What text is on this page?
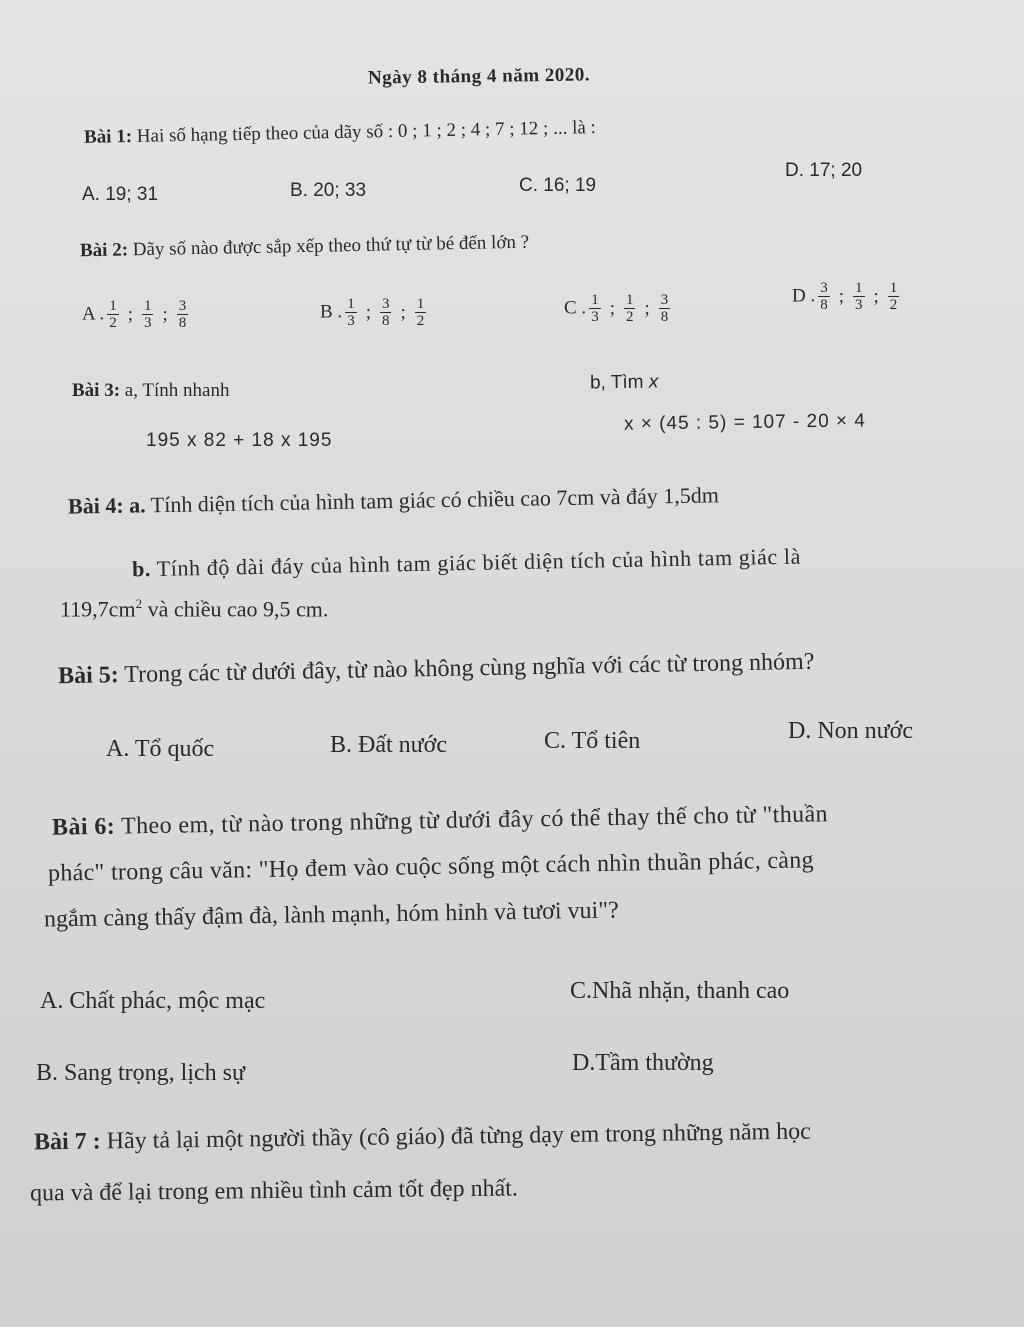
Ngày 8 tháng 4 năm 2020.
Bài 1: Hai số hạng tiếp theo của dãy số : 0 ; 1 ; 2 ; 4 ; 7 ; 12 ; ... là :
A. 19; 31	B. 20; 33	C. 16; 19
D. 17; 20
Bài 2: Dãy số nào được sắp xếp theo thứ tự từ bé đến lớn ?
A . $\frac{1}{2}$ ; $\frac{1}{3}$ ; $\frac{3}{8}$	B . $\frac{1}{3}$ ; $\frac{3}{8}$ ; $\frac{1}{2}$	C . $\frac{1}{3}$ ; $\frac{1}{2}$ ; $\frac{3}{8}$	D . $\frac{3}{8}$ ; $\frac{1}{3}$ ; $\frac{1}{2}$
Bài 3: a, Tính nhanh	b, Tìm x
195 x 82 + 18 x 195
x × (45 : 5) = 107 - 20 × 4
Bài 4: a. Tính diện tích của hình tam giác có chiều cao 7cm và đáy 1,5dm
b. Tính độ dài đáy của hình tam giác biết diện tích của hình tam giác là
$119,7cm^2$ và chiều cao 9,5 cm.
Bài 5: Trong các từ dưới đây, từ nào không cùng nghĩa với các từ trong nhóm?
A. Tổ quốc	B. Đất nước	C. Tổ tiên	D. Non nước
Bài 6: Theo em, từ nào trong những từ dưới đây có thể thay thế cho từ "thuần
phác" trong câu văn: "Họ đem vào cuộc sống một cách nhìn thuần phác, càng
ngắm càng thấy đậm đà, lành mạnh, hóm hỉnh và tươi vui"?
A. Chất phác, mộc mạc	C.Nhã nhặn, thanh cao
B. Sang trọng, lịch sự	D.Tầm thường
Bài 7 : Hãy tả lại một người thầy (cô giáo) đã từng dạy em trong những năm học
qua và để lại trong em nhiều tình cảm tốt đẹp nhất.
